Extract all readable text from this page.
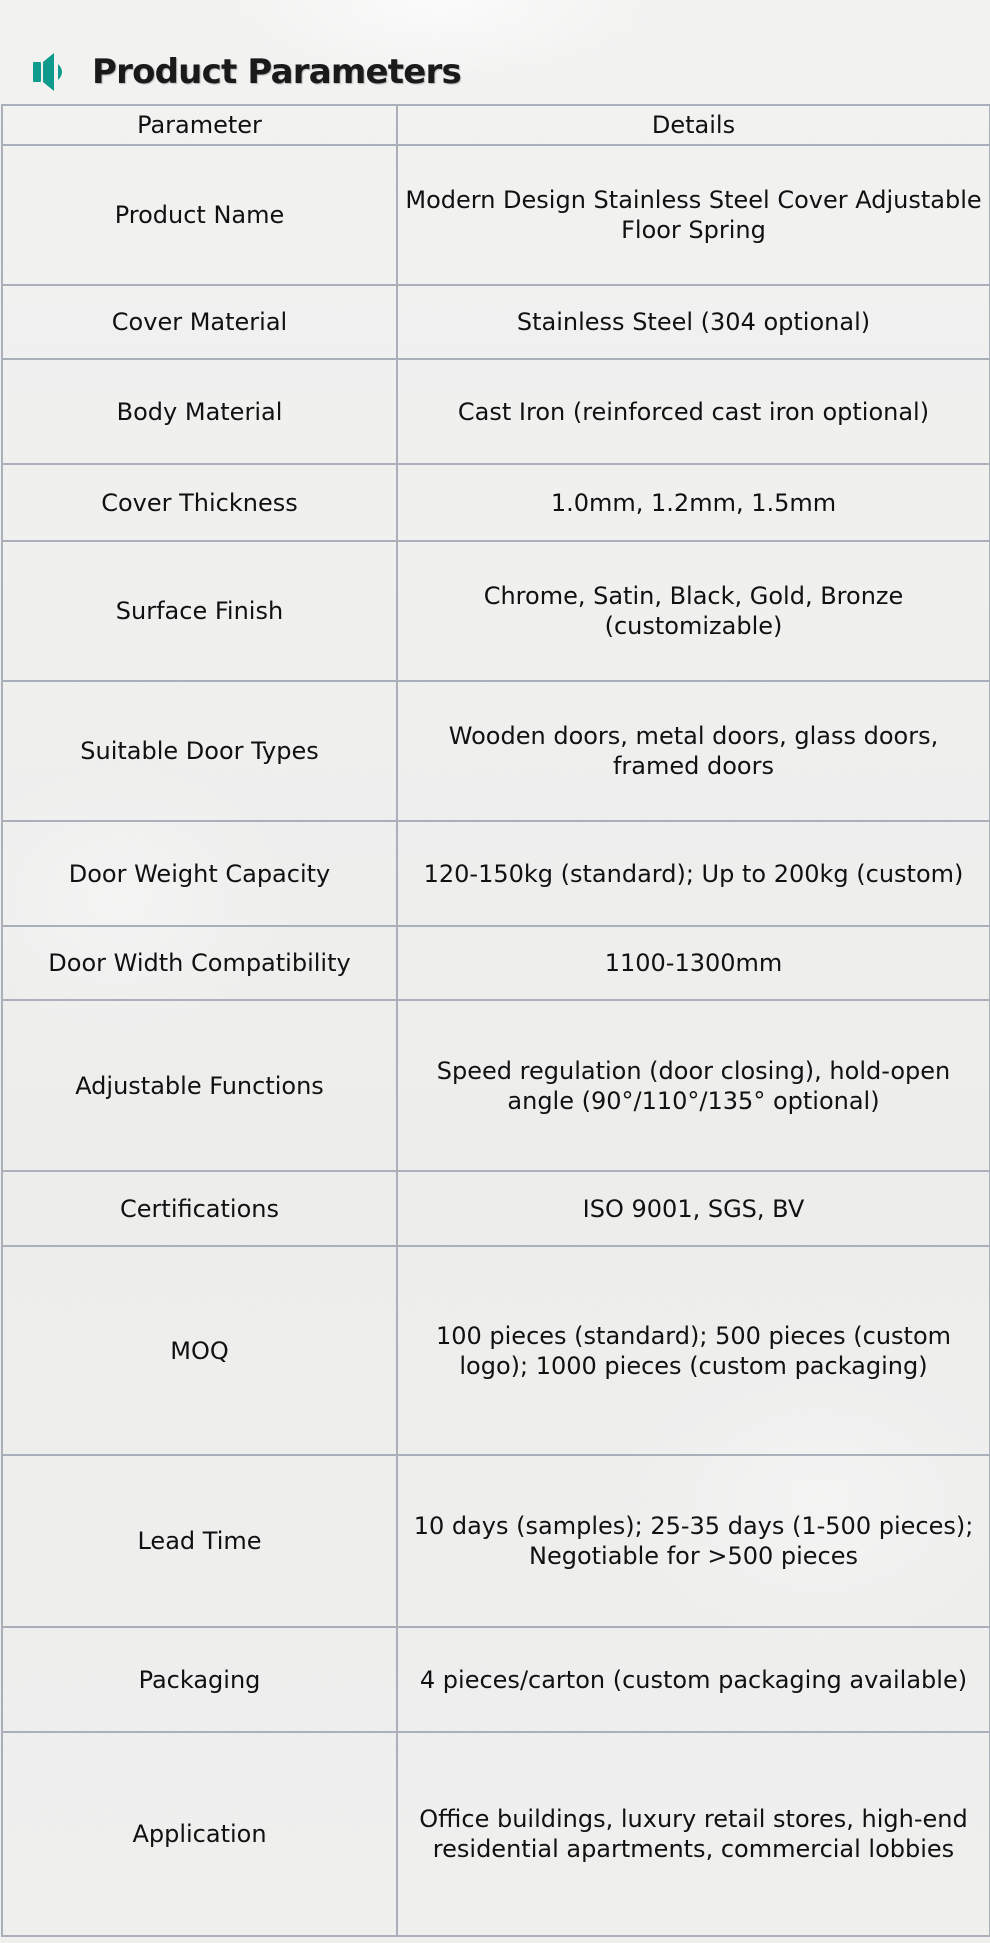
Product Parameters
Parameter	Details
Product Name	Modern Design Stainless Steel Cover Adjustable Floor Spring
Cover Material	Stainless Steel (304 optional)
Body Material	Cast Iron (reinforced cast iron optional)
Cover Thickness	1.0mm, 1.2mm, 1.5mm
Surface Finish	Chrome, Satin, Black, Gold, Bronze (customizable)
Suitable Door Types	Wooden doors, metal doors, glass doors, framed doors
Door Weight Capacity	120-150kg (standard); Up to 200kg (custom)
Door Width Compatibility	1100-1300mm
Adjustable Functions	Speed regulation (door closing), hold-open angle (90°/110°/135° optional)
Certifications	ISO 9001, SGS, BV
MOQ	100 pieces (standard); 500 pieces (custom logo); 1000 pieces (custom packaging)
Lead Time	10 days (samples); 25-35 days (1-500 pieces); Negotiable for >500 pieces
Packaging	4 pieces/carton (custom packaging available)
Application	Office buildings, luxury retail stores, high-end residential apartments, commercial lobbies
